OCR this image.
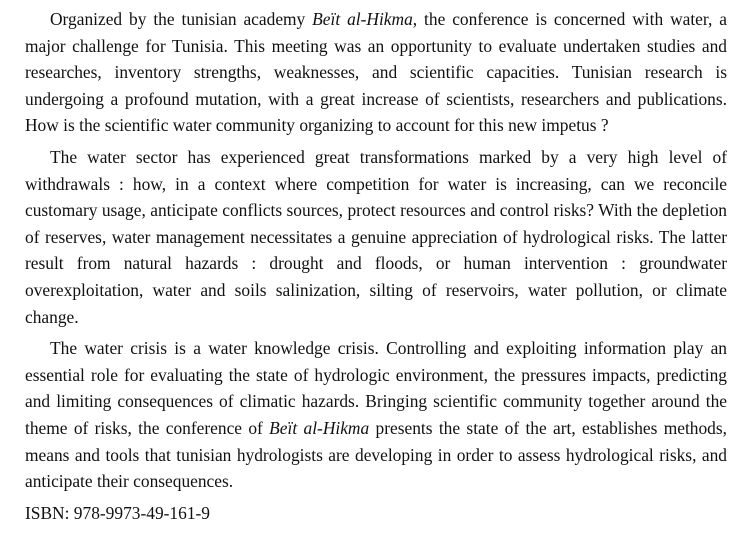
Organized by the tunisian academy Beït al-Hikma, the conference is concerned with water, a major challenge for Tunisia. This meeting was an opportunity to evaluate undertaken studies and researches, inventory strengths, weaknesses, and scientific capacities. Tunisian research is undergoing a profound mutation, with a great increase of scientists, researchers and publications. How is the scientific water community organizing to account for this new impetus ?

The water sector has experienced great transformations marked by a very high level of withdrawals : how, in a context where competition for water is increasing, can we reconcile customary usage, anticipate conflicts sources, protect resources and control risks? With the depletion of reserves, water management necessitates a genuine appreciation of hydrological risks. The latter result from natural hazards : drought and floods, or human intervention : groundwater overexploitation, water and soils salinization, silting of reservoirs, water pollution, or climate change.

The water crisis is a water knowledge crisis. Controlling and exploiting information play an essential role for evaluating the state of hydrologic environment, the pressures impacts, predicting and limiting consequences of climatic hazards. Bringing scientific community together around the theme of risks, the conference of Beït al-Hikma presents the state of the art, establishes methods, means and tools that tunisian hydrologists are developing in order to assess hydrological risks, and anticipate their consequences.

ISBN: 978-9973-49-161-9
